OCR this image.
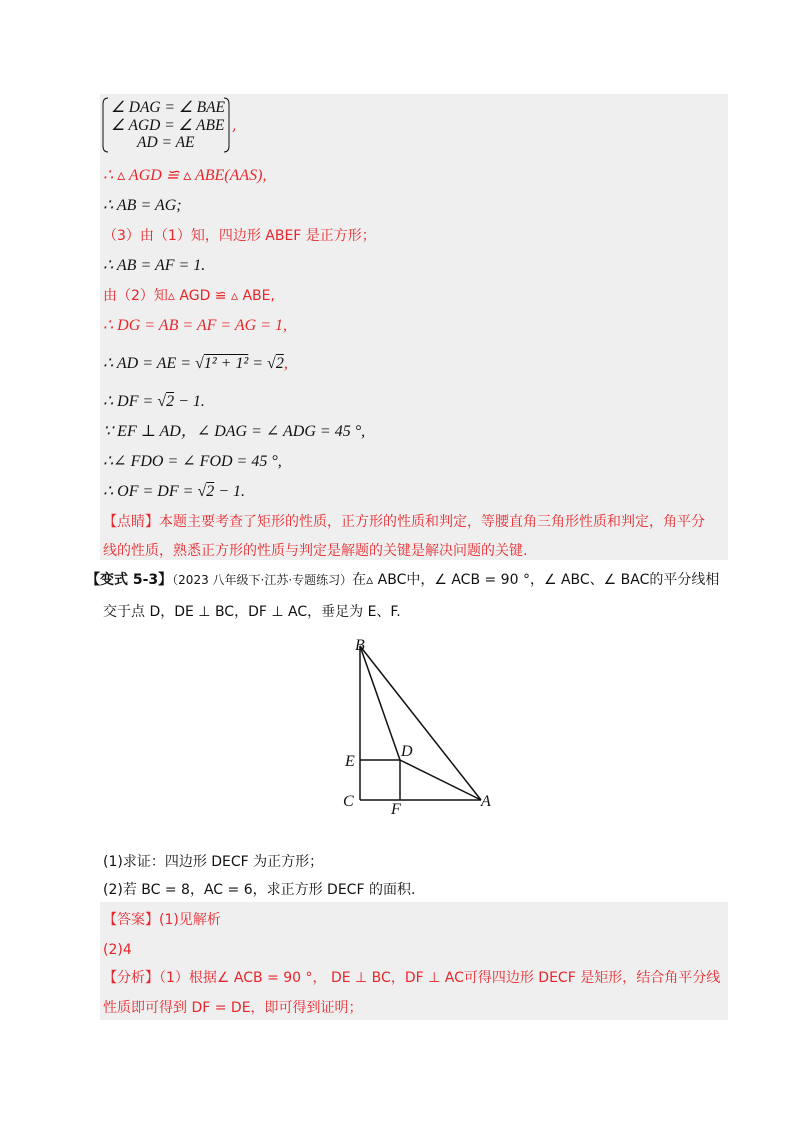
∠ DAG = ∠ BAE
∠ AGD = ∠ ABE
AD = AE
,
∴ ▵ AGD ≌ ▵ ABE(AAS),
∴ AB = AG;
（3）由（1）知，四边形 ABEF 是正方形；
∴ AB = AF = 1.
由（2）知▵ AGD ≌ ▵ ABE,
∴ DG = AB = AF = AG = 1,
∴ AD = AE = √1² + 1² = √2,
∴ DF = √2 − 1.
∵ EF ⊥ AD，∠ DAG = ∠ ADG = 45 °,
∴∠ FDO = ∠ FOD = 45 °,
∴ OF = DF = √2 − 1.
【点睛】本题主要考查了矩形的性质，正方形的性质和判定，等腰直角三角形性质和判定，角平分
线的性质，熟悉正方形的性质与判定是解题的关键是解决问题的关键.
【变式 5-3】（2023 八年级下·江苏·专题练习）在▵ ABC中，∠ ACB = 90 °，∠ ABC、∠ BAC的平分线相
交于点 D，DE ⊥ BC，DF ⊥ AC，垂足为 E、F.
B
D
E
C F	A
(1)求证：四边形 DECF 为正方形；
(2)若 BC = 8，AC = 6，求正方形 DECF 的面积.
【答案】(1)见解析
(2)4
【分析】（1）根据∠ ACB = 90 °， DE ⊥ BC，DF ⊥ AC可得四边形 DECF 是矩形，结合角平分线
性质即可得到 DF = DE，即可得到证明；
